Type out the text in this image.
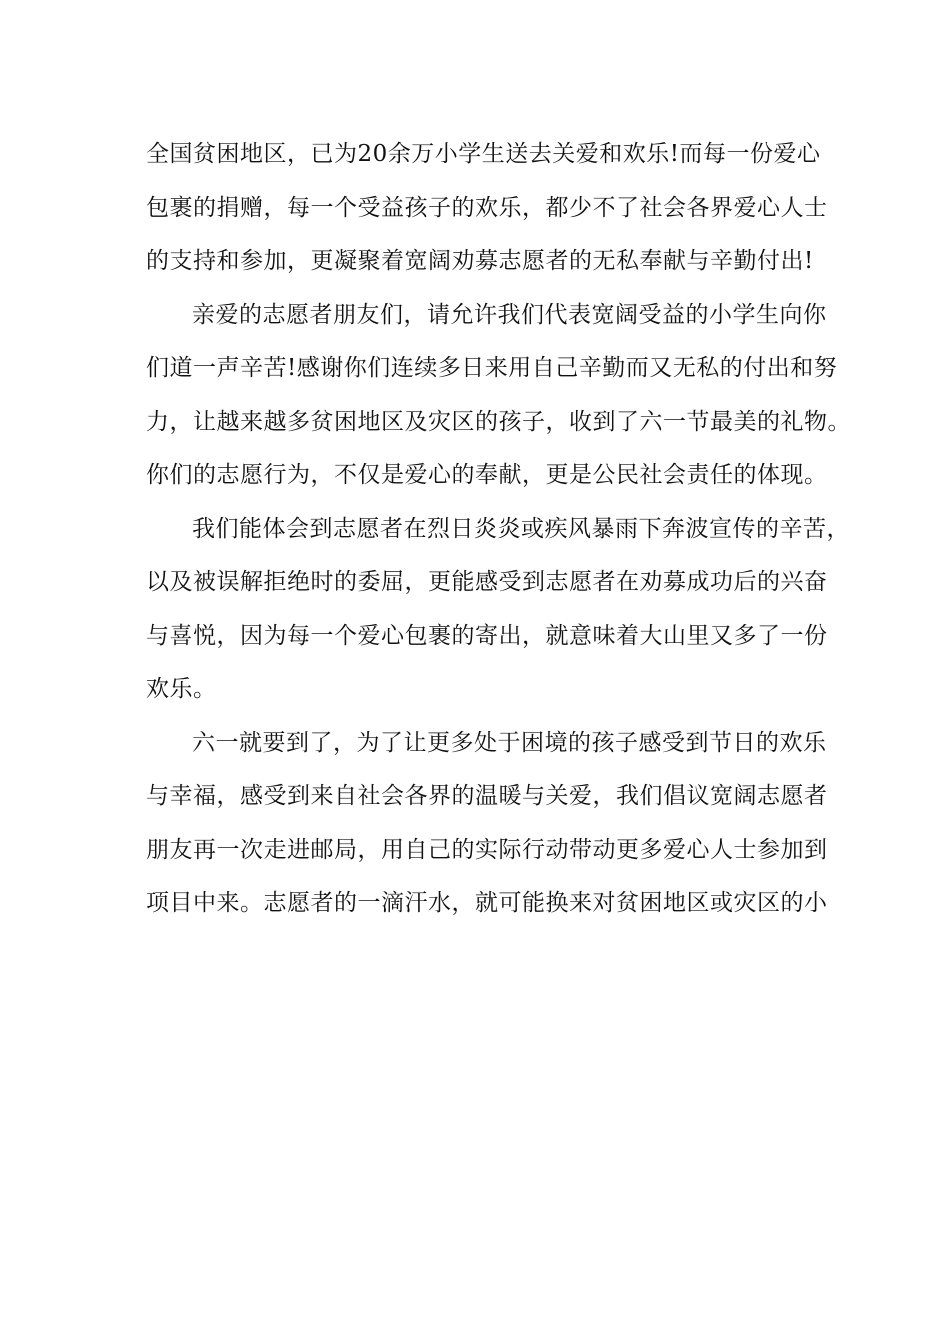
全国贫困地区，已为20余万小学生送去关爱和欢乐!而每一份爱心
包裹的捐赠，每一个受益孩子的欢乐，都少不了社会各界爱心人士
的支持和参加，更凝聚着宽阔劝募志愿者的无私奉献与辛勤付出!
亲爱的志愿者朋友们，请允许我们代表宽阔受益的小学生向你
们道一声辛苦!感谢你们连续多日来用自己辛勤而又无私的付出和努
力，让越来越多贫困地区及灾区的孩子，收到了六一节最美的礼物。
你们的志愿行为，不仅是爱心的奉献，更是公民社会责任的体现。
我们能体会到志愿者在烈日炎炎或疾风暴雨下奔波宣传的辛苦，
以及被误解拒绝时的委屈，更能感受到志愿者在劝募成功后的兴奋
与喜悦，因为每一个爱心包裹的寄出，就意味着大山里又多了一份
欢乐。
六一就要到了，为了让更多处于困境的孩子感受到节日的欢乐
与幸福，感受到来自社会各界的温暖与关爱，我们倡议宽阔志愿者
朋友再一次走进邮局，用自己的实际行动带动更多爱心人士参加到
项目中来。志愿者的一滴汗水，就可能换来对贫困地区或灾区的小
